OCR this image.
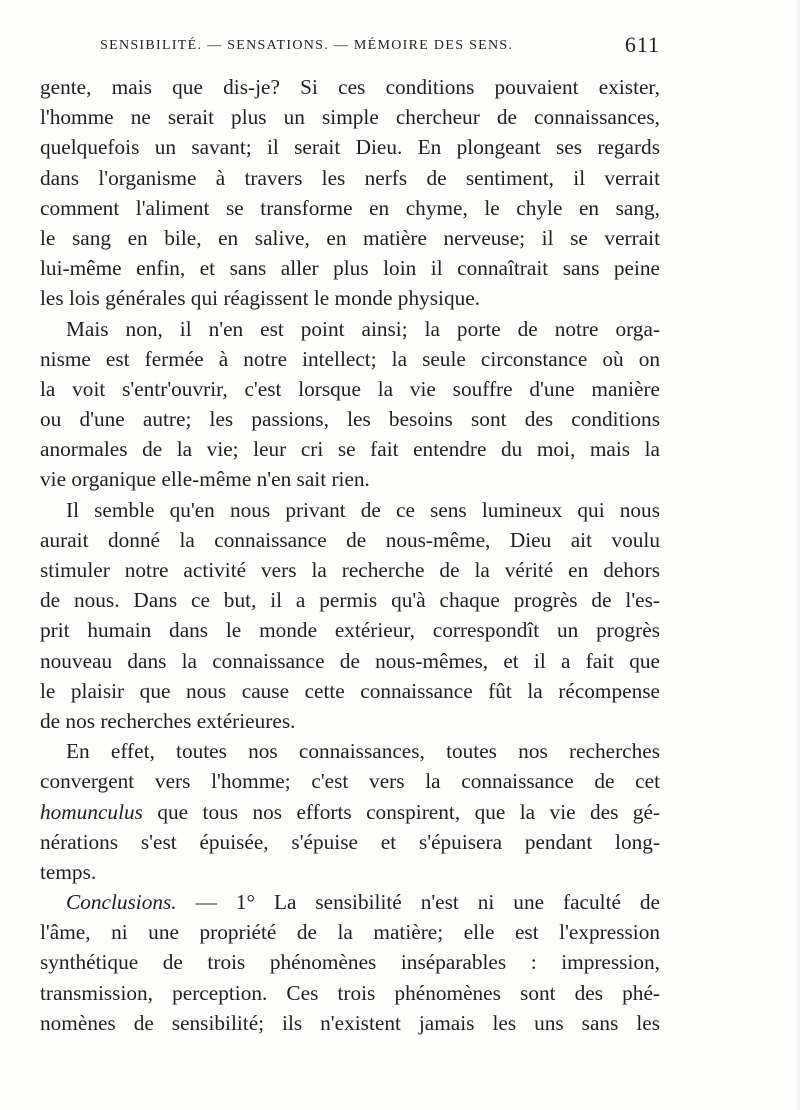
SENSIBILITÉ. — SENSATIONS. — MÉMOIRE DES SENS.	611
gente, mais que dis-je? Si ces conditions pouvaient exister,
l'homme ne serait plus un simple chercheur de connaissances,
quelquefois un savant; il serait Dieu. En plongeant ses regards
dans l'organisme à travers les nerfs de sentiment, il verrait
comment l'aliment se transforme en chyme, le chyle en sang,
le sang en bile, en salive, en matière nerveuse; il se verrait
lui-même enfin, et sans aller plus loin il connaîtrait sans peine
les lois générales qui réagissent le monde physique.
Mais non, il n'en est point ainsi; la porte de notre orga-
nisme est fermée à notre intellect; la seule circonstance où on
la voit s'entr'ouvrir, c'est lorsque la vie souffre d'une manière
ou d'une autre; les passions, les besoins sont des conditions
anormales de la vie; leur cri se fait entendre du moi, mais la
vie organique elle-même n'en sait rien.
Il semble qu'en nous privant de ce sens lumineux qui nous
aurait donné la connaissance de nous-même, Dieu ait voulu
stimuler notre activité vers la recherche de la vérité en dehors
de nous. Dans ce but, il a permis qu'à chaque progrès de l'es-
prit humain dans le monde extérieur, correspondît un progrès
nouveau dans la connaissance de nous-mêmes, et il a fait que
le plaisir que nous cause cette connaissance fût la récompense
de nos recherches extérieures.
En effet, toutes nos connaissances, toutes nos recherches
convergent vers l'homme; c'est vers la connaissance de cet
homunculus que tous nos efforts conspirent, que la vie des gé-
nérations s'est épuisée, s'épuise et s'épuisera pendant long-
temps.
Conclusions. — 1° La sensibilité n'est ni une faculté de
l'âme, ni une propriété de la matière; elle est l'expression
synthétique de trois phénomènes inséparables : impression,
transmission, perception. Ces trois phénomènes sont des phé-
nomènes de sensibilité; ils n'existent jamais les uns sans les
